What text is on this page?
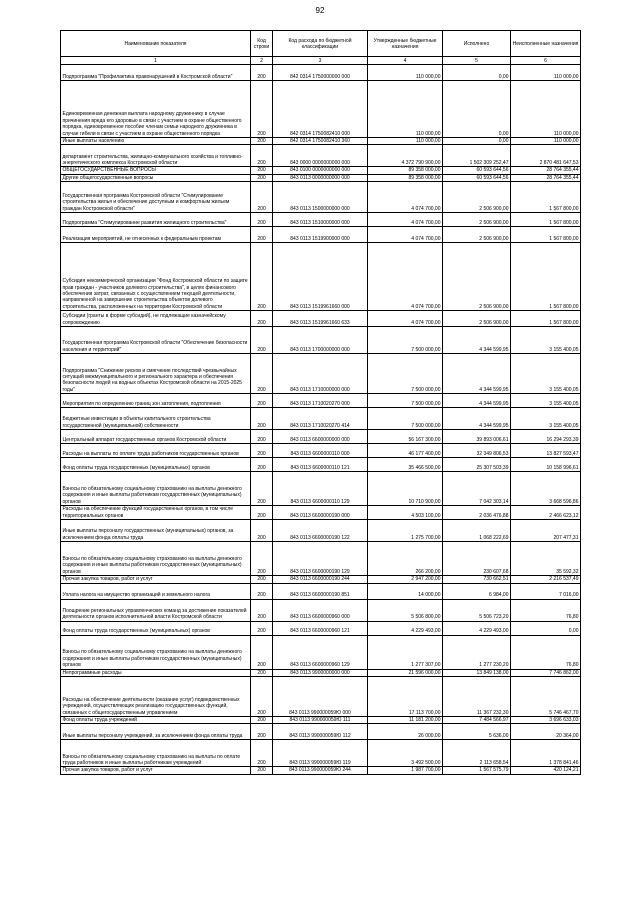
92
Наименование показателя	Код строки	Код расхода по бюджетной классификации	Утвержденные бюджетные назначения	Исполнено	Неисполненные назначения
1	2	3	4	5	6
Подпрограмма "Профилактика правонарушений в Костромской области"	200	842 0314 1750000000 000	110 000,00	0,00	110 000,00
Единовременная денежная выплата народному дружиннику в случае причинения вреда его здоровью в связи с участием в охране общественного порядка, единовременное пособие членам семьи народного дружинника в случае гибели в связи с участием в охране общественного порядка	200	842 0314 1750082410 000	110 000,00	0,00	110 000,00
Иные выплаты населению	200	842 0314 1750082410 360	110 000,00	0,00	110 000,00
департамент строительства, жилищно-коммунального хозяйства и топливно-энергетического комплекса Костромской области	200	843 0000 0000000000 000	4 372 790 900,00	1 502 309 252,47	2 870 481 647,53
ОБЩЕГОСУДАРСТВЕННЫЕ ВОПРОСЫ	200	843 0100 0000000000 000	89 358 000,00	60 593 644,56	28 764 355,44
Другие общегосударственные вопросы	200	843 0113 0000000000 000	89 358 000,00	60 593 644,56	28 764 355,44
Государственная программа Костромской области "Стимулирование строительства жилья и обеспечение доступным и комфортным жильем граждан Костромской области"	200	843 0113 1500000000 000	4 074 700,00	2 506 900,00	1 567 800,00
Подпрограмма "Стимулирование развития жилищного строительства"	200	843 0113 1510000000 000	4 074 700,00	2 506 900,00	1 567 800,00
Реализация мероприятий, не отнесенных к федеральным проектам	200	843 0113 1519900000 000	4 074 700,00	2 506 900,00	1 567 800,00
Субсидия некоммерческой организации "Фонд Костромской области по защите прав граждан - участников долевого строительства", в целях финансового обеспечения затрат, связанных с осуществлением текущей деятельности, направленной на завершение строительства объектов долевого строительства, расположенных на территории Костромской области	200	843 0113 1519961660 000	4 074 700,00	2 506 900,00	1 567 800,00
Субсидии (гранты в форме субсидий), не подлежащие казначейскому сопровождению	200	843 0113 1519961660 633	4 074 700,00	2 506 900,00	1 567 800,00
Государственная программа Костромской области "Обеспечение безопасности населения и территорий"	200	843 0113 1700000000 000	7 500 000,00	4 344 599,95	3 155 400,05
Подпрограмма "Снижение рисков и смягчение последствий чрезвычайных ситуаций межмуниципального и регионального характера и обеспечения безопасности людей на водных объектах Костромской области на 2015-2025 годы"	200	843 0113 1710000000 000	7 500 000,00	4 344 599,95	3 155 400,05
Мероприятия по определению границ зон затопления, подтопления	200	843 0113 1710020270 000	7 500 000,00	4 344 599,95	3 155 400,05
Бюджетные инвестиции в объекты капитального строительства государственной (муниципальной) собственности	200	843 0113 1710020270 414	7 500 000,00	4 344 599,95	3 155 400,05
Центральный аппарат государственных органов Костромской области	200	843 0113 6600000000 000	56 167 300,00	39 893 006,61	16 294 293,39
Расходы на выплаты по оплате труда работников государственных органов	200	843 0113 6600000110 000	46 177 400,00	32 349 806,53	13 827 593,47
Фонд оплаты труда государственных (муниципальных) органов	200	843 0113 6600000110 121	35 466 500,00	25 307 503,39	10 158 996,61
Взносы по обязательному социальному страхованию на выплаты денежного содержания и иные выплаты работникам государственных (муниципальных) органов	200	843 0113 6600000110 129	10 710 900,00	7 042 303,14	3 668 596,86
Расходы на обеспечение функций государственных органов, в том числе территориальных органов	200	843 0113 6600000190 000	4 503 100,00	2 036 476,88	2 466 623,12
Иные выплаты персоналу государственных (муниципальных) органов, за исключением фонда оплаты труда	200	843 0113 6600000190 122	1 275 700,00	1 068 222,69	207 477,31
Взносы по обязательному социальному страхованию на выплаты денежного содержания и иные выплаты работникам государственных (муниципальных) органов	200	843 0113 6600000190 129	266 200,00	230 607,68	35 592,32
Прочая закупка товаров, работ и услуг	200	843 0113 6600000190 244	2 947 200,00	730 662,51	2 216 537,49
Уплата налога на имущество организаций и земельного налога	200	843 0113 6600000190 851	14 000,00	6 984,00	7 016,00
Поощрение региональных управленческих команд за достижение показателей деятельности органов исполнительной власти Костромской области	200	843 0113 6600000960 000	5 506 800,00	5 506 723,20	76,80
Фонд оплаты труда государственных (муниципальных) органов	200	843 0113 6600000960 121	4 229 493,00	4 229 493,00	0,00
Взносы по обязательному социальному страхованию на выплаты денежного содержания и иные выплаты работникам государственных (муниципальных) органов	200	843 0113 6600000960 129	1 277 307,00	1 277 230,20	76,80
Непрограммные расходы	200	843 0113 9900000000 000	21 596 000,00	13 849 138,00	7 746 862,00
Расходы на обеспечение деятельности (оказание услуг) подведомственных учреждений, осуществляющих реализацию государственных функций, связанных с общегосударственным управлением	200	843 0113 990000059Ю 000	17 113 700,00	11 367 232,30	5 746 467,70
Фонд оплаты труда учреждений	200	843 0113 990000059Ю 111	11 181 200,00	7 484 566,97	3 696 633,03
Иные выплаты персоналу учреждений, за исключением фонда оплаты труда	200	843 0113 990000059Ю 112	26 000,00	5 636,00	20 364,00
Взносы по обязательному социальному страхованию на выплаты по оплате труда работников и иные выплаты работникам учреждений	200	843 0113 990000059Ю 119	3 492 500,00	2 113 658,54	1 378 841,46
Прочая закупка товаров, работ и услуг	200	843 0113 990000059Ю 244	1 987 700,00	1 567 575,79	420 124,21
